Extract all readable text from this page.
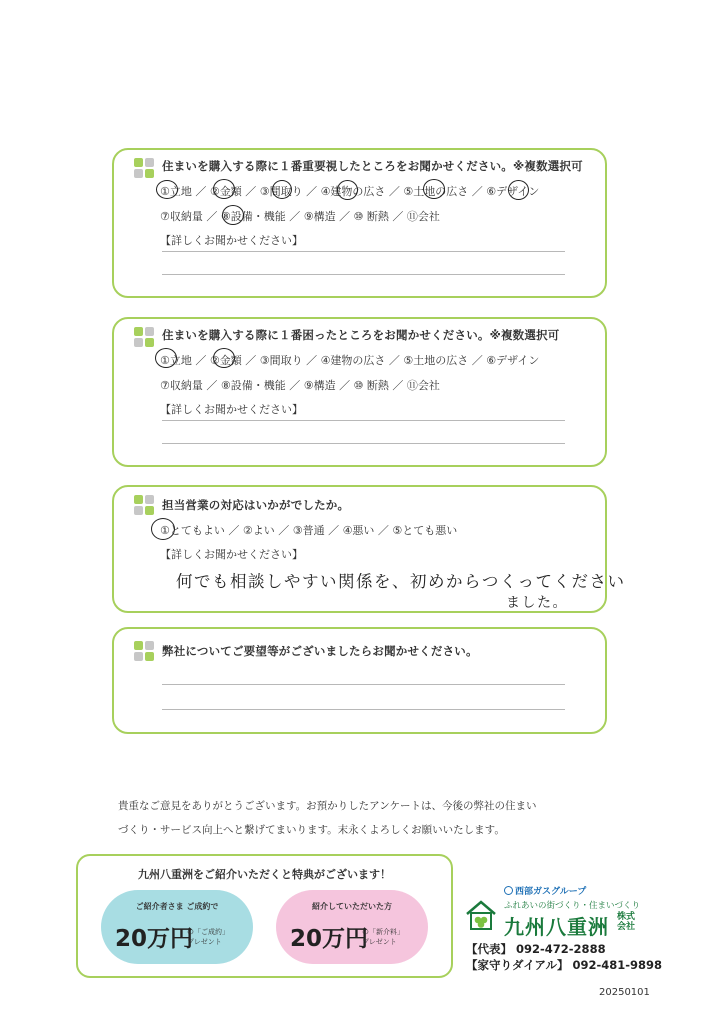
住まいを購入する際に１番重要視したところをお聞かせください。※複数選択可
①立地 ／ ②金額 ／ ③間取り ／ ④建物の広さ ／ ⑤土地の広さ ／ ⑥デザイン
⑦収納量 ／ ⑧設備・機能 ／ ⑨構造 ／ ⑩ 断熱 ／ ⑪会社
【詳しくお聞かせください】
住まいを購入する際に１番困ったところをお聞かせください。※複数選択可
①立地 ／ ②金額 ／ ③間取り ／ ④建物の広さ ／ ⑤土地の広さ ／ ⑥デザイン
⑦収納量 ／ ⑧設備・機能 ／ ⑨構造 ／ ⑩ 断熱 ／ ⑪会社
【詳しくお聞かせください】
担当営業の対応はいかがでしたか。
①とてもよい ／ ②よい ／ ③普通 ／ ④悪い ／ ⑤とても悪い
【詳しくお聞かせください】
何でも相談しやすい関係を、初めからつくってください
ました。
弊社についてご要望等がございましたらお聞かせください。
貴重なご意見をありがとうございます。お預かりしたアンケートは、今後の弊社の住まい
づくり・サービス向上へと繋げてまいります。末永くよろしくお願いいたします。
九州八重洲をご紹介いただくと特典がございます！
ご紹介者さま ご成約で
20万円
の「ご成約」
プレゼント
紹介していただいた方
20万円
の「新介料」
プレゼント
西部ガスグループ
ふれあいの街づくり・住まいづくり
九州八重洲 株式
会社
【代表】 092-472-2888
【家守りダイアル】 092-481-9898
20250101
